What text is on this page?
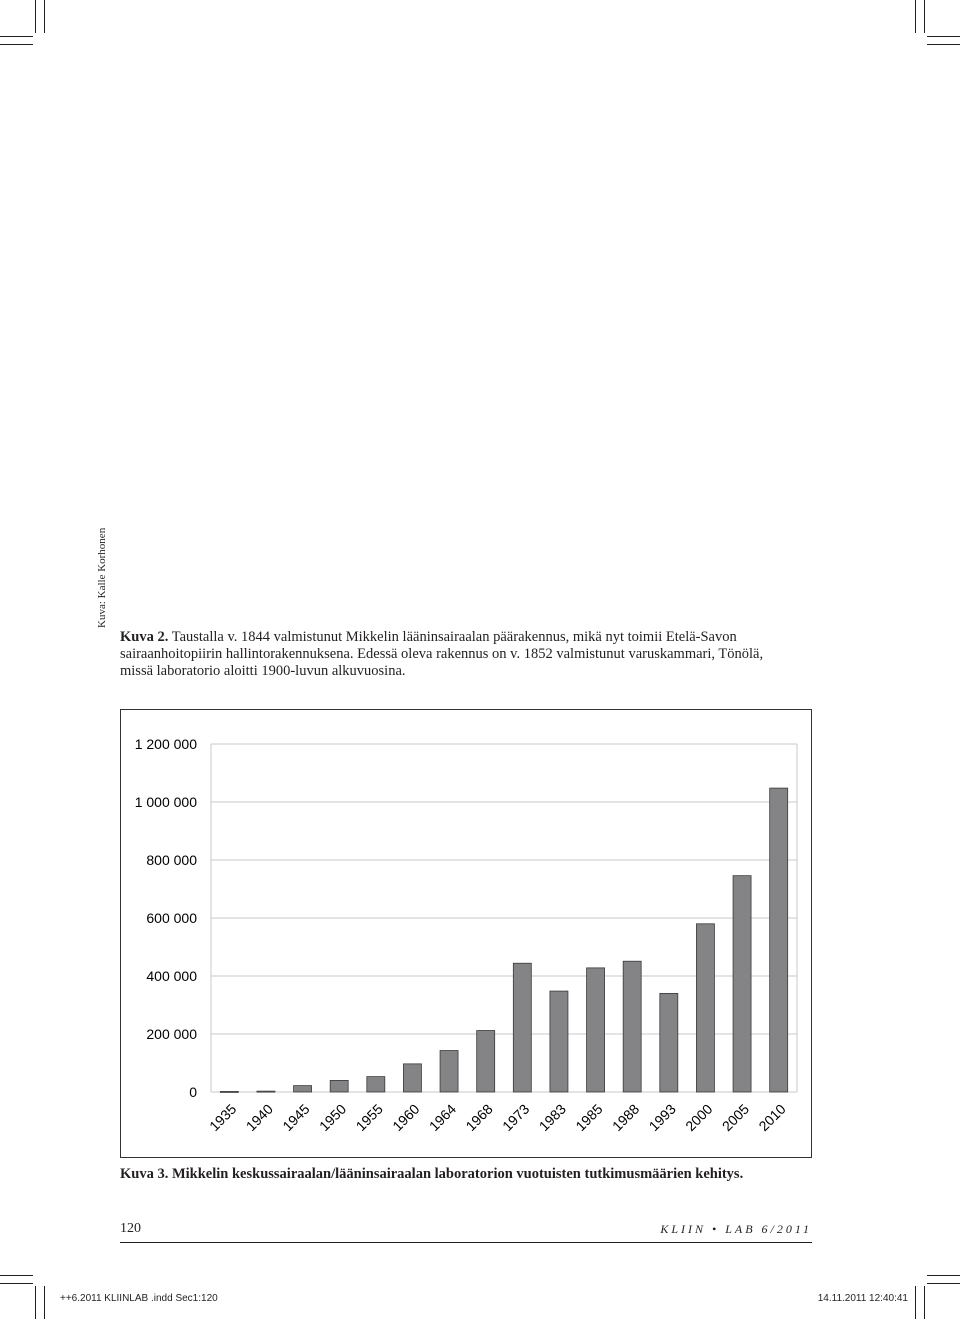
Kuva: Kalle Korhonen
Kuva 2. Taustalla v. 1844 valmistunut Mikkelin lääninsairaalan päärakennus, mikä nyt toimii Etelä-Savon sairaanhoitopiirin hallintorakennuksena. Edessä oleva rakennus on v. 1852 valmistunut varuskammari, Tönölä, missä laboratorio aloitti 1900-luvun alkuvuosina.
0
200 000
400 000
600 000
800 000
1 000 000
1 200 000
1935 1940 1945 1950 1955 1960 1964 1968 1973 1983 1985 1988 1993 2000 2005 2010
Kuva 3. Mikkelin keskussairaalan/lääninsairaalan laboratorion vuotuisten tutkimusmäärien kehitys.
120	KLIIN • LAB 6/2011
++6.2011 KLIINLAB .indd Sec1:120	14.11.2011 12:40:41
